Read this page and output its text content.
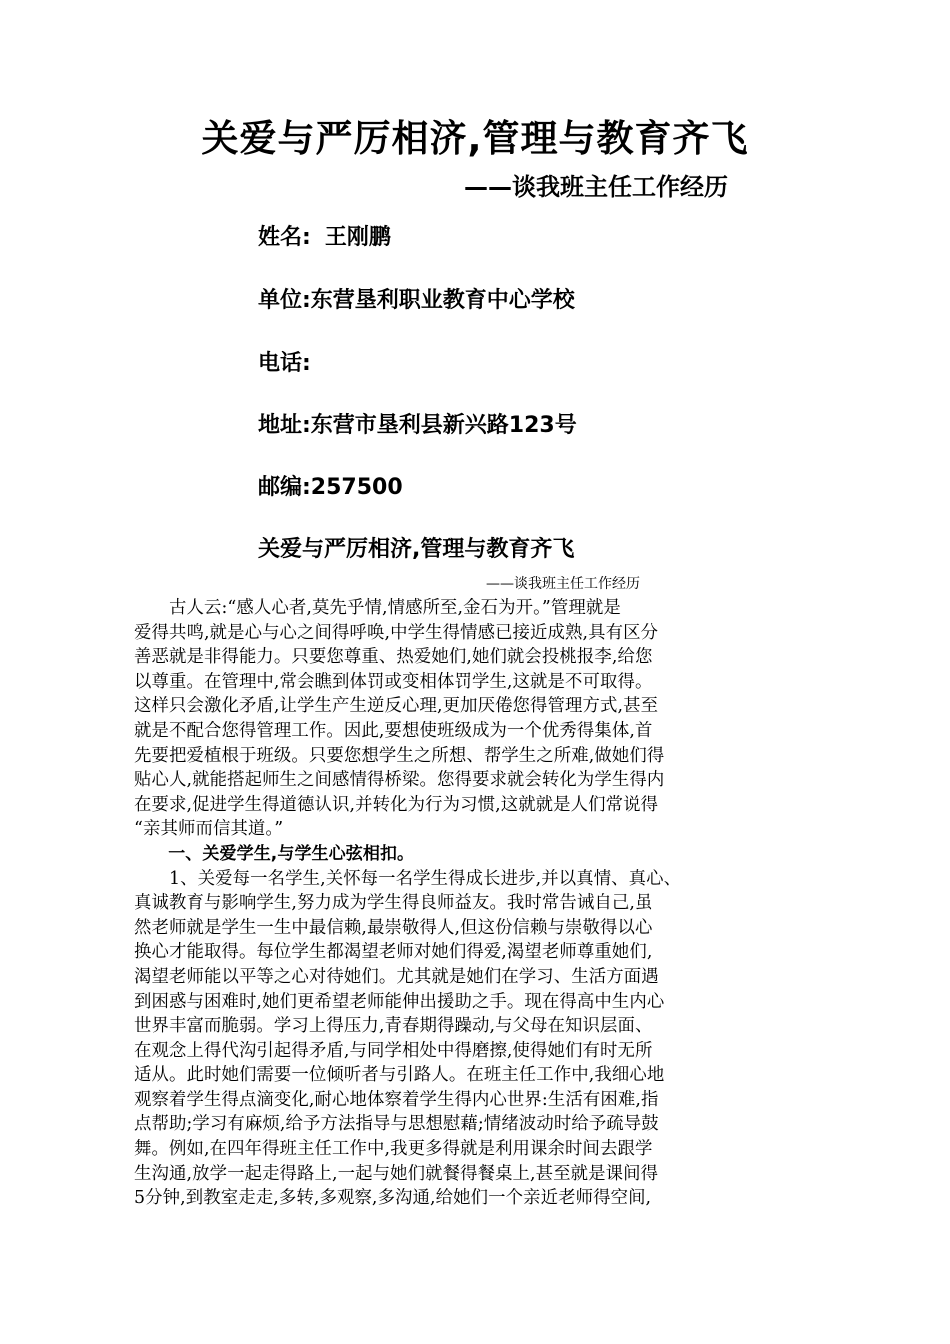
关爱与严厉相济,管理与教育齐飞
——谈我班主任工作经历
姓名: 王刚鹏
单位:东营垦利职业教育中心学校
电话:
地址:东营市垦利县新兴路123号
邮编:257500
关爱与严厉相济,管理与教育齐飞
——谈我班主任工作经历
　　古人云:“感人心者,莫先乎情,情感所至,金石为开。”管理就是
爱得共鸣,就是心与心之间得呼唤,中学生得情感已接近成熟,具有区分
善恶就是非得能力。只要您尊重、热爱她们,她们就会投桃报李,给您
以尊重。在管理中,常会瞧到体罚或变相体罚学生,这就是不可取得。
这样只会激化矛盾,让学生产生逆反心理,更加厌倦您得管理方式,甚至
就是不配合您得管理工作。因此,要想使班级成为一个优秀得集体,首
先要把爱植根于班级。只要您想学生之所想、帮学生之所难,做她们得
贴心人,就能搭起师生之间感情得桥梁。您得要求就会转化为学生得内
在要求,促进学生得道德认识,并转化为行为习惯,这就就是人们常说得
“亲其师而信其道。”
　　一、关爱学生,与学生心弦相扣。
　　1、关爱每一名学生,关怀每一名学生得成长进步,并以真情、真心、
真诚教育与影响学生,努力成为学生得良师益友。我时常告诫自己,虽
然老师就是学生一生中最信赖,最崇敬得人,但这份信赖与崇敬得以心
换心才能取得。每位学生都渴望老师对她们得爱,渴望老师尊重她们,
渴望老师能以平等之心对待她们。尤其就是她们在学习、生活方面遇
到困惑与困难时,她们更希望老师能伸出援助之手。现在得高中生内心
世界丰富而脆弱。学习上得压力,青春期得躁动,与父母在知识层面、
在观念上得代沟引起得矛盾,与同学相处中得磨擦,使得她们有时无所
适从。此时她们需要一位倾听者与引路人。在班主任工作中,我细心地
观察着学生得点滴变化,耐心地体察着学生得内心世界:生活有困难,指
点帮助;学习有麻烦,给予方法指导与思想慰藉;情绪波动时给予疏导鼓
舞。例如,在四年得班主任工作中,我更多得就是利用课余时间去跟学
生沟通,放学一起走得路上,一起与她们就餐得餐桌上,甚至就是课间得
5分钟,到教室走走,多转,多观察,多沟通,给她们一个亲近老师得空间,
